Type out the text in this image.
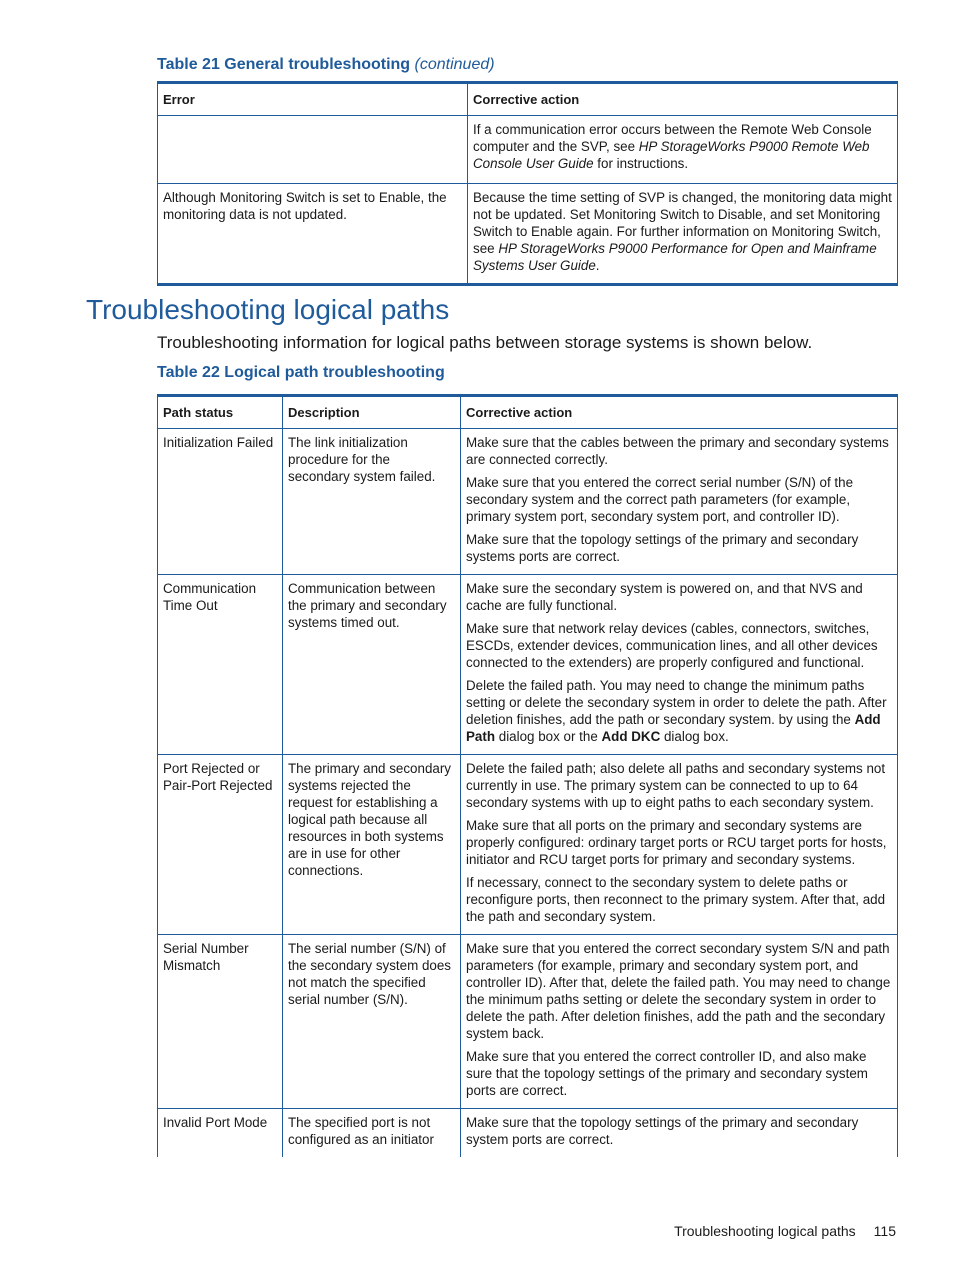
Table 21 General troubleshooting (continued)
Error	Corrective action
	If a communication error occurs between the Remote Web Console computer and the SVP, see HP StorageWorks P9000 Remote Web Console User Guide for instructions.
Although Monitoring Switch is set to Enable, the monitoring data is not updated.	Because the time setting of SVP is changed, the monitoring data might not be updated. Set Monitoring Switch to Disable, and set Monitoring Switch to Enable again. For further information on Monitoring Switch, see HP StorageWorks P9000 Performance for Open and Mainframe Systems User Guide.
Troubleshooting logical paths

Troubleshooting information for logical paths between storage systems is shown below.

Table 22 Logical path troubleshooting
Path status	Description	Corrective action
Initialization Failed	The link initialization procedure for the secondary system failed.	Make sure that the cables between the primary and secondary systems are connected correctly.

Make sure that you entered the correct serial number (S/N) of the secondary system and the correct path parameters (for example, primary system port, secondary system port, and controller ID).

Make sure that the topology settings of the primary and secondary systems ports are correct.

Communication Time Out	Communication between the primary and secondary systems timed out.	Make sure the secondary system is powered on, and that NVS and cache are fully functional.

Make sure that network relay devices (cables, connectors, switches, ESCDs, extender devices, communication lines, and all other devices connected to the extenders) are properly configured and functional.

Delete the failed path. You may need to change the minimum paths setting or delete the secondary system in order to delete the path. After deletion finishes, add the path or secondary system. by using the Add Path dialog box or the Add DKC dialog box.

Port Rejected or Pair-Port Rejected	The primary and secondary systems rejected the request for establishing a logical path because all resources in both systems are in use for other connections.	Delete the failed path; also delete all paths and secondary systems not currently in use. The primary system can be connected to up to 64 secondary systems with up to eight paths to each secondary system.

Make sure that all ports on the primary and secondary systems are properly configured: ordinary target ports or RCU target ports for hosts, initiator and RCU target ports for primary and secondary systems.

If necessary, connect to the secondary system to delete paths or reconfigure ports, then reconnect to the primary system. After that, add the path and secondary system.

Serial Number Mismatch	The serial number (S/N) of the secondary system does not match the specified serial number (S/N).	Make sure that you entered the correct secondary system S/N and path parameters (for example, primary and secondary system port, and controller ID). After that, delete the failed path. You may need to change the minimum paths setting or delete the secondary system in order to delete the path. After deletion finishes, add the path and the secondary system back.

Make sure that you entered the correct controller ID, and also make sure that the topology settings of the primary and secondary system ports are correct.

Invalid Port Mode	The specified port is not configured as an initiator	Make sure that the topology settings of the primary and secondary system ports are correct.

Troubleshooting logical paths 115
